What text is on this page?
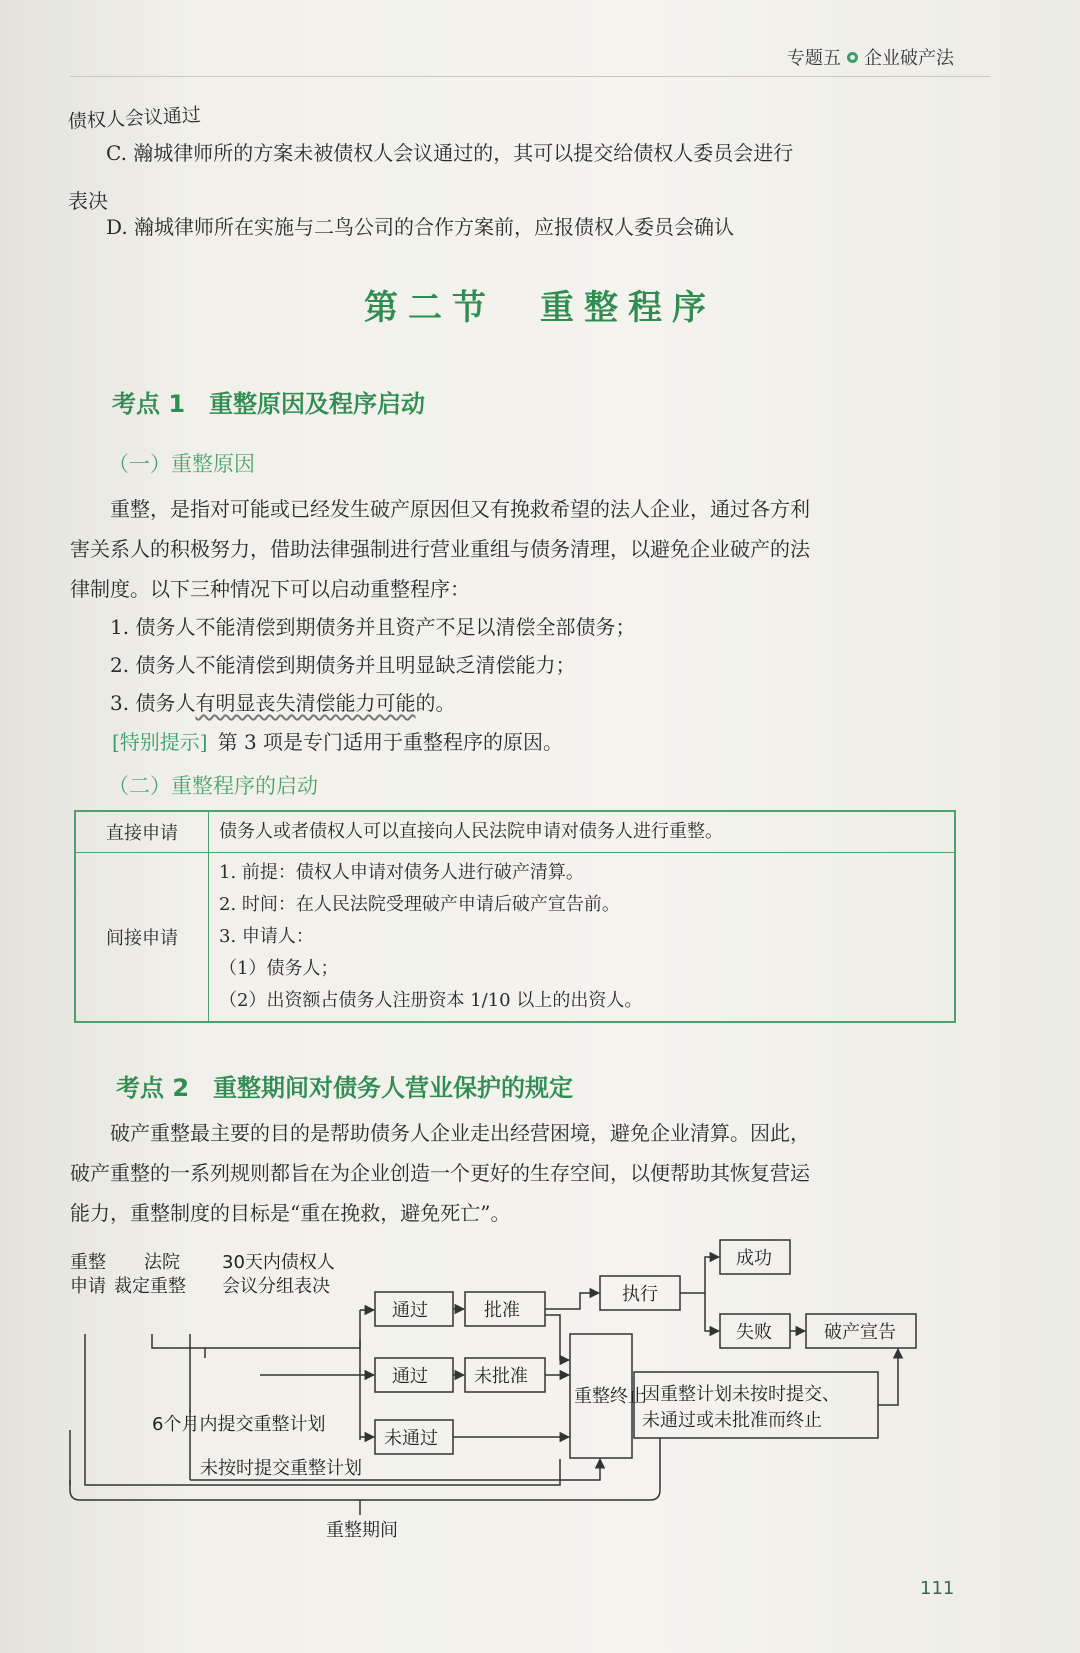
专题五 企业破产法
债权人会议通过
C. 瀚城律师所的方案未被债权人会议通过的，其可以提交给债权人委员会进行
表决
D. 瀚城律师所在实施与二鸟公司的合作方案前，应报债权人委员会确认
第二节　重整程序
考点 1　重整原因及程序启动
（一）重整原因
重整，是指对可能或已经发生破产原因但又有挽救希望的法人企业，通过各方利
害关系人的积极努力，借助法律强制进行营业重组与债务清理，以避免企业破产的法
律制度。以下三种情况下可以启动重整程序：
1. 债务人不能清偿到期债务并且资产不足以清偿全部债务；
2. 债务人不能清偿到期债务并且明显缺乏清偿能力；
3. 债务人有明显丧失清偿能力可能的。
[特别提示] 第 3 项是专门适用于重整程序的原因。
（二）重整程序的启动
直接申请	债务人或者债权人可以直接向人民法院申请对债务人进行重整。
间接申请	1. 前提：债权人申请对债务人进行破产清算。
2. 时间：在人民法院受理破产申请后破产宣告前。
3. 申请人：
（1）债务人；
（2）出资额占债务人注册资本 1/10 以上的出资人。
考点 2　重整期间对债务人营业保护的规定
破产重整最主要的目的是帮助债务人企业走出经营困境，避免企业清算。因此，
破产重整的一系列规则都旨在为企业创造一个更好的生存空间，以便帮助其恢复营运
能力，重整制度的目标是“重在挽救，避免死亡”。
重整
申请
法院
裁定重整
30天内债权人
会议分组表决
通过	批准
通过	未批准
未通过
执行
成功
失败	破产宣告
重整终止
因重整计划未按时提交、
未通过或未批准而终止
6个月内提交重整计划
未按时提交重整计划
重整期间
111
